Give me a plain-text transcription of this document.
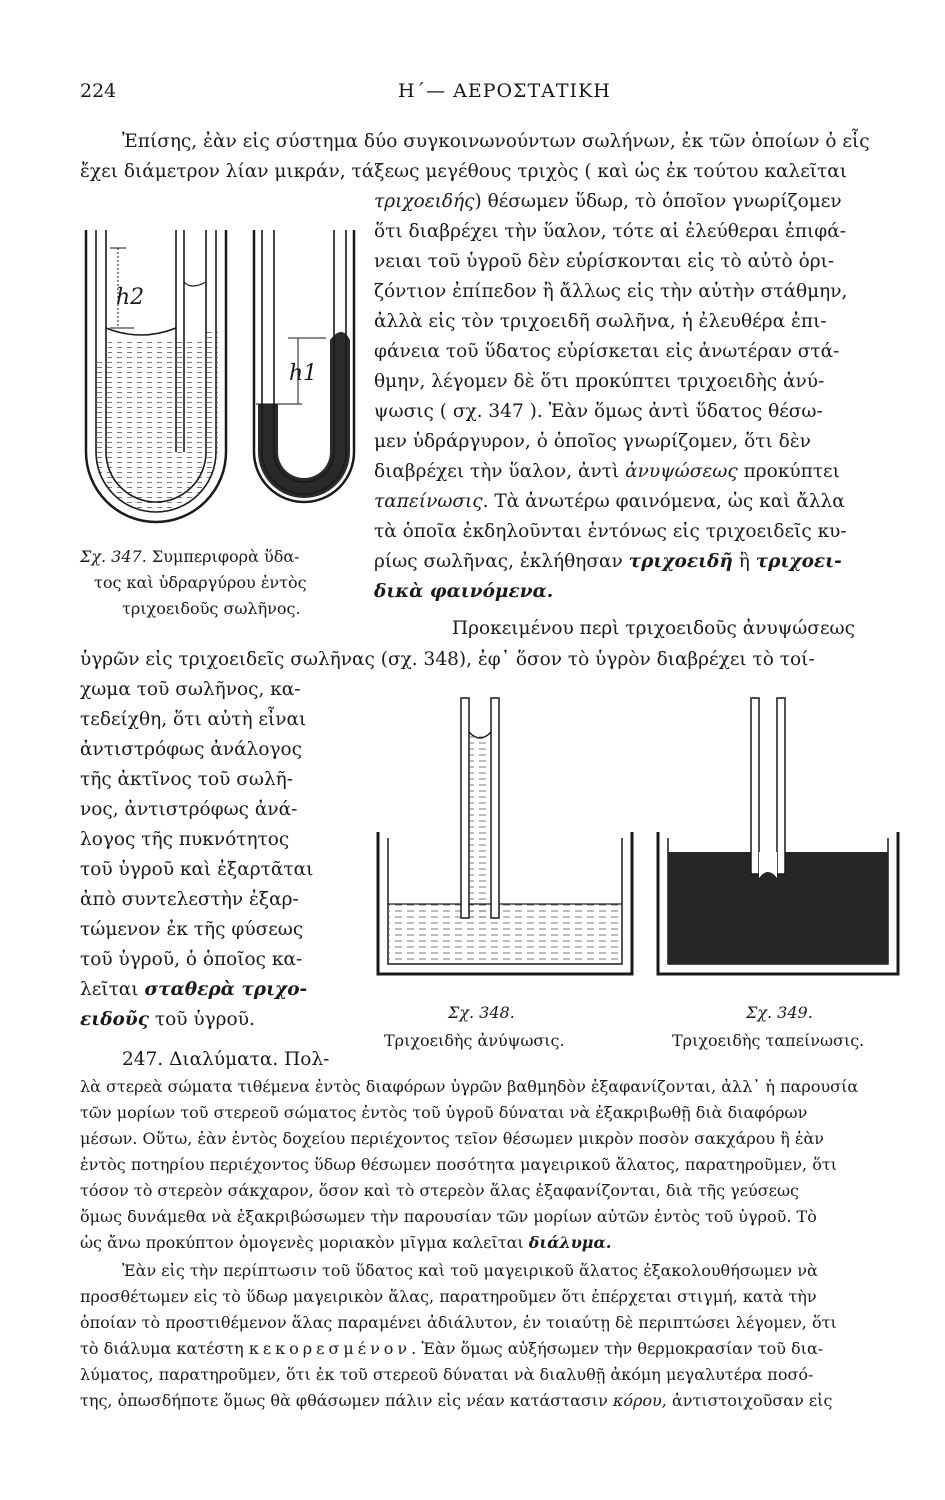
224	Η΄— ΑΕΡΟΣΤΑΤΙΚΗ
Ἐπίσης, ἐὰν εἰς σύστημα δύο συγκοινωνούντων σωλήνων, ἐκ τῶν ὁποίων ὁ εἷς
ἔχει διάμετρον λίαν μικράν, τάξεως μεγέθους τριχὸς ( καὶ ὡς ἐκ τούτου καλεῖται
τριχοειδής) θέσωμεν ὕδωρ, τὸ ὁποῖον γνωρίζομεν
ὅτι διαβρέχει τὴν ὕαλον, τότε αἱ ἐλεύθεραι ἐπιφά-
νειαι τοῦ ὑγροῦ δὲν εὑρίσκονται εἰς τὸ αὐτὸ ὁρι-
ζόντιον ἐπίπεδον ἢ ἄλλως εἰς τὴν αὐτὴν στάθμην,
ἀλλὰ εἰς τὸν τριχοειδῆ σωλῆνα, ἡ ἐλευθέρα ἐπι-
φάνεια τοῦ ὕδατος εὑρίσκεται εἰς ἀνωτέραν στά-
θμην, λέγομεν δὲ ὅτι προκύπτει τριχοειδὴς ἀνύ-
ψωσις ( σχ. 347 ). Ἐὰν ὅμως ἀντὶ ὕδατος θέσω-
μεν ὑδράργυρον, ὁ ὁποῖος γνωρίζομεν, ὅτι δὲν
διαβρέχει τὴν ὕαλον, ἀντὶ ἀνυψώσεως προκύπτει
ταπείνωσις. Τὰ ἀνωτέρω φαινόμενα, ὡς καὶ ἄλλα
τὰ ὁποῖα ἐκδηλοῦνται ἐντόνως εἰς τριχοειδεῖς κυ-
ρίως σωλῆνας, ἐκλήθησαν τριχοειδῆ ἢ τριχοει-
δικὰ φαινόμενα.
h2
h1
Σχ. 347. Συμπεριφορὰ ὕδα-
τος καὶ ὑδραργύρου ἐντὸς
τριχοειδοῦς σωλῆνος.
Προκειμένου περὶ τριχοειδοῦς ἀνυψώσεως
ὑγρῶν εἰς τριχοειδεῖς σωλῆνας (σχ. 348), ἐφ᾽ ὅσον τὸ ὑγρὸν διαβρέχει τὸ τοί-
χωμα τοῦ σωλῆνος, κα-
τεδείχθη, ὅτι αὐτὴ εἶναι
ἀντιστρόφως ἀνάλογος
τῆς ἀκτῖνος τοῦ σωλῆ-
νος, ἀντιστρόφως ἀνά-
λογος τῆς πυκνότητος
τοῦ ὑγροῦ καὶ ἐξαρτᾶται
ἀπὸ συντελεστὴν ἐξαρ-
τώμενον ἐκ τῆς φύσεως
τοῦ ὑγροῦ, ὁ ὁποῖος κα-
λεῖται σταθερὰ τριχο-
ειδοῦς τοῦ ὑγροῦ.	Σχ. 348.
Τριχοειδὴς ἀνύψωσις.
Σχ. 349.
Τριχοειδὴς ταπείνωσις.
247. Διαλύματα. Πολ-
λὰ στερεὰ σώματα τιθέμενα ἐντὸς διαφόρων ὑγρῶν βαθμηδὸν ἐξαφανίζονται, ἀλλ᾽ ἡ παρουσία
τῶν μορίων τοῦ στερεοῦ σώματος ἐντὸς τοῦ ὑγροῦ δύναται νὰ ἐξακριβωθῇ διὰ διαφόρων
μέσων. Οὕτω, ἐὰν ἐντὸς δοχείου περιέχοντος τεῖον θέσωμεν μικρὸν ποσὸν σακχάρου ἢ ἐὰν
ἐντὸς ποτηρίου περιέχοντος ὕδωρ θέσωμεν ποσότητα μαγειρικοῦ ἅλατος, παρατηροῦμεν, ὅτι
τόσον τὸ στερεὸν σάκχαρον, ὅσον καὶ τὸ στερεὸν ἅλας ἐξαφανίζονται, διὰ τῆς γεύσεως
ὅμως δυνάμεθα νὰ ἐξακριβώσωμεν τὴν παρουσίαν τῶν μορίων αὐτῶν ἐντὸς τοῦ ὑγροῦ. Τὸ
ὡς ἄνω προκύπτον ὁμογενὲς μοριακὸν μῖγμα καλεῖται διάλυμα.
Ἐὰν εἰς τὴν περίπτωσιν τοῦ ὕδατος καὶ τοῦ μαγειρικοῦ ἅλατος ἐξακολουθήσωμεν νὰ
προσθέτωμεν εἰς τὸ ὕδωρ μαγειρικὸν ἅλας, παρατηροῦμεν ὅτι ἐπέρχεται στιγμή, κατὰ τὴν
ὁποίαν τὸ προστιθέμενον ἅλας παραμένει ἀδιάλυτον, ἐν τοιαύτῃ δὲ περιπτώσει λέγομεν, ὅτι
τὸ διάλυμα κατέστη κεκορεσμένον. Ἐὰν ὅμως αὐξήσωμεν τὴν θερμοκρασίαν τοῦ δια-
λύματος, παρατηροῦμεν, ὅτι ἐκ τοῦ στερεοῦ δύναται νὰ διαλυθῇ ἀκόμη μεγαλυτέρα ποσό-
της, ὁπωσδήποτε ὅμως θὰ φθάσωμεν πάλιν εἰς νέαν κατάστασιν κόρου, ἀντιστοιχοῦσαν εἰς
